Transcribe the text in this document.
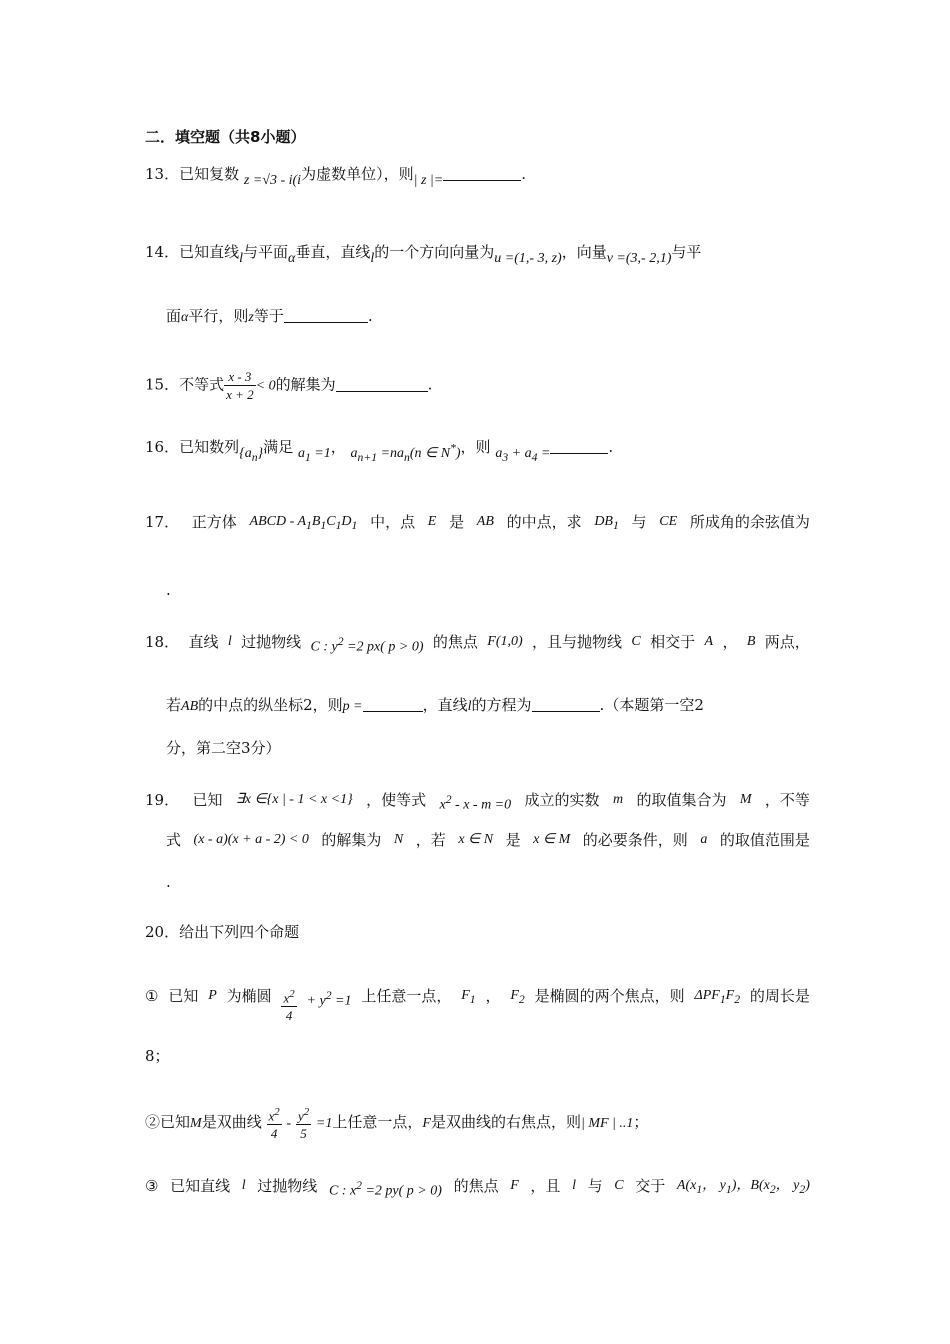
二．填空题（共8小题）
13．已知复数 z =√3 - i(i为虚数单位），则| z |=	.
14．已知直线l与平面α垂直，直线l的一个方向向量为u =(1,- 3, z)，向量v =(3,- 2,1)与平
面α平行，则z等于	.
15．不等式 $\frac{x - 3}{x + 2} < 0$的解集为	.
16．已知数列$\{a_n\}$满足 $a_1 =1$， $a_{n+1} =na_n(n$ ∈ N*)，则 $a_3 + a_4$ =	.
17． 正方体 ABCD - $A_1B_1C_1D_1$ 中，点 E 是 AB 的中点，求 $DB_1$ 与 CE 所成角的余弦值为
.
18． 直线 l 过抛物线 C : $y^2 =2$ px( p > 0) 的焦点 F(1,0) ，且与抛物线 C 相交于 A ， B 两点，
若AB的中点的纵坐标2，则p =	，直线l的方程为	.（本题第一空2
分，第二空3分）
19． 已知 ∃x ∈{x | - 1 < x <1} ，使等式 $x^2 - x - m =0$ 成立的实数 m 的取值集合为 M ，不等
式 (x - a)(x + a - 2) < 0 的解集为 N ，若 x ∈ N 是 x ∈ M 的必要条件，则 a 的取值范围是
.
20．给出下列四个命题
① 已知 P 为椭圆 $\frac{x^2}{4} + y^2 =1$ 上任意一点， $F_1$ ， $F_2$ 是椭圆的两个焦点，则 $\Delta PF_1F_2$ 的周长是
8；
②已知M是双曲线 $\frac{x^2}{4} - \frac{y^2}{5} =1$上任意一点，F是双曲线的右焦点，则| MF | ..1；
③ 已知直线 l 过抛物线 C : $x^2 =2$ py( p > 0) 的焦点 F ，且 l 与 C 交于 $A(x_1$， $y_1$)，$B(x_2$， $y_2$)
